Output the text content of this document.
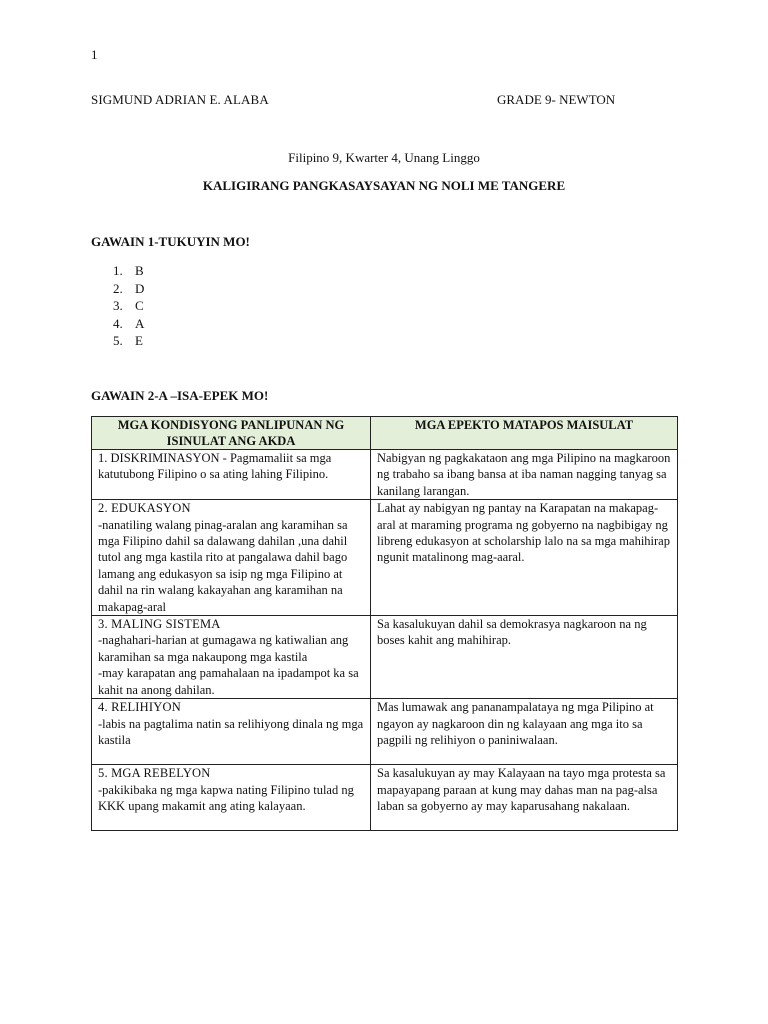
1
SIGMUND ADRIAN E. ALABA	GRADE 9- NEWTON
Filipino 9, Kwarter 4, Unang Linggo
KALIGIRANG PANGKASAYSAYAN NG NOLI ME TANGERE
GAWAIN 1-TUKUYIN MO!
1. B
2. D
3. C
4. A
5. E
GAWAIN 2-A –ISA-EPEK MO!
MGA KONDISYONG PANLIPUNAN NG ISINULAT ANG AKDA	MGA EPEKTO MATAPOS MAISULAT

1. DISKRIMINASYON - Pagmamaliit sa mga
katutubong Filipino o sa ating lahing Filipino.	Nabigyan ng pagkakataon ang mga Pilipino na magkaroon ng trabaho sa ibang bansa at iba naman nagging tanyag sa kanilang larangan.

2. EDUKASYON
-nanatiling walang pinag-aralan ang karamihan sa mga Filipino dahil sa dalawang dahilan ,una dahil tutol ang mga kastila rito at pangalawa dahil bago lamang ang edukasyon sa isip ng mga Filipino at dahil na rin walang kakayahan ang karamihan na makapag-aral	Lahat ay nabigyan ng pantay na Karapatan na makapag-aral at maraming programa ng gobyerno na nagbibigay ng libreng edukasyon at scholarship lalo na sa mga mahihirap ngunit matalinong mag-aaral.

3. MALING SISTEMA
-naghahari-harian at gumagawa ng katiwalian ang karamihan sa mga nakaupong mga kastila
-may karapatan ang pamahalaan na ipadampot ka sa kahit na anong dahilan.	Sa kasalukuyan dahil sa demokrasya nagkaroon na ng boses kahit ang mahihirap.

4. RELIHIYON
-labis na pagtalima natin sa relihiyong dinala ng mga kastila	Mas lumawak ang pananampalataya ng mga Pilipino at ngayon ay nagkaroon din ng kalayaan ang mga ito sa pagpili ng relihiyon o paniniwalaan.

5. MGA REBELYON
-pakikibaka ng mga kapwa nating Filipino tulad ng KKK upang makamit ang ating kalayaan.	Sa kasalukuyan ay may Kalayaan na tayo mga protesta sa mapayapang paraan at kung may dahas man na pag-alsa laban sa gobyerno ay may kaparusahang nakalaan.
